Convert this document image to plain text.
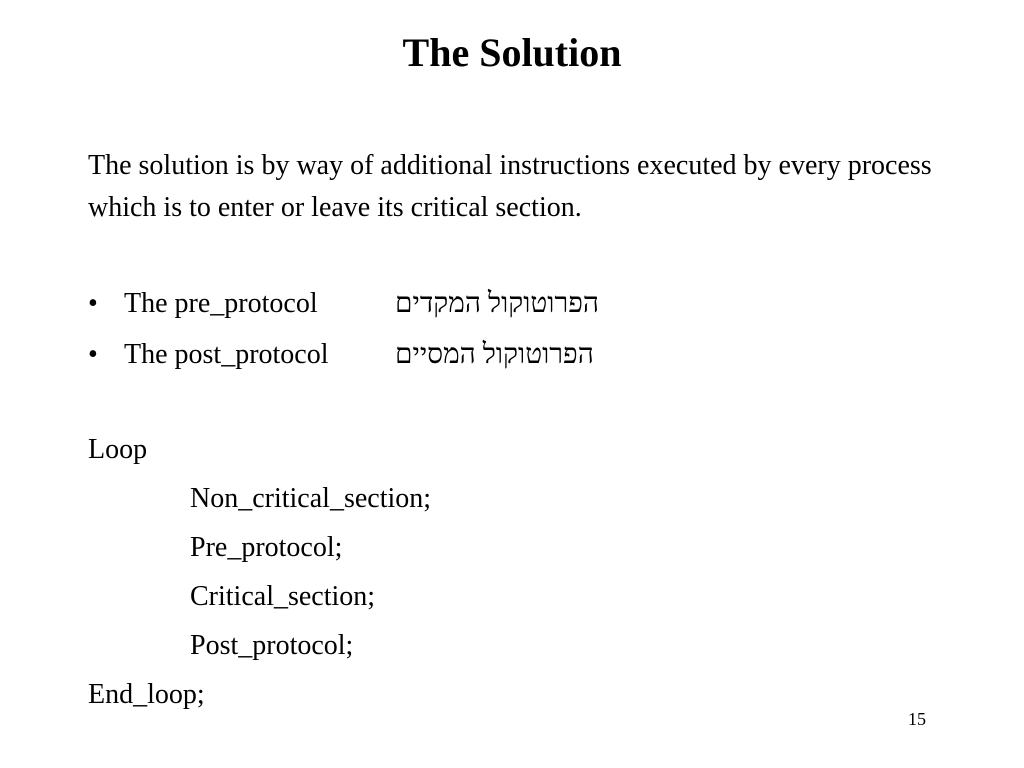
The Solution
The solution is by way of additional instructions executed by every process which is to enter or leave its critical section.
• The pre_protocol	הפרוטוקול המקדים
• The post_protocol הפרוטוקול המסיים
Loop
Non_critical_section;
Pre_protocol;
Critical_section;
Post_protocol;
End_loop;
15
